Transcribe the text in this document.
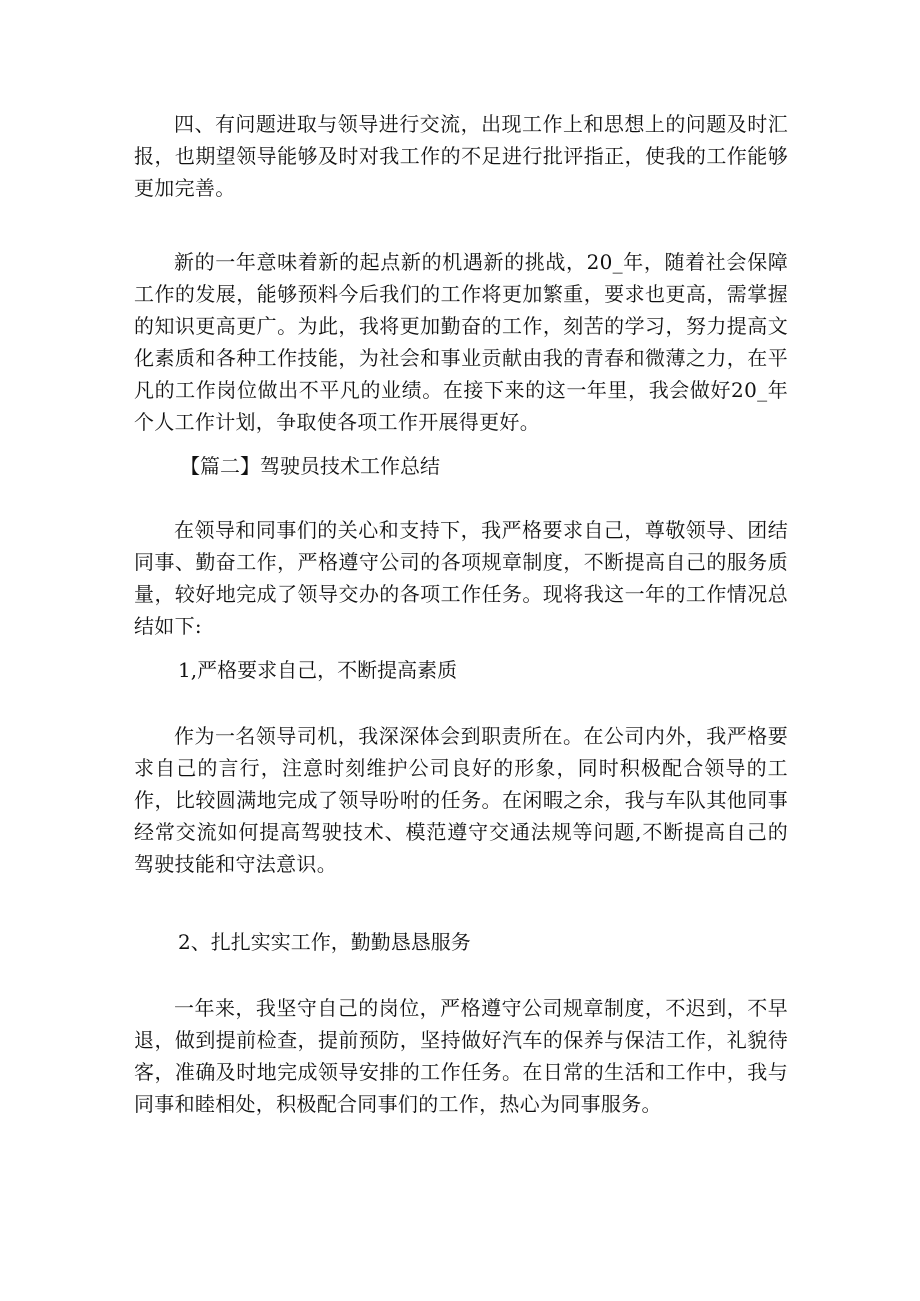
四、有问题进取与领导进行交流，出现工作上和思想上的问题及时汇报，也期望领导能够及时对我工作的不足进行批评指正，使我的工作能够更加完善。

新的一年意味着新的起点新的机遇新的挑战，20_年，随着社会保障工作的发展，能够预料今后我们的工作将更加繁重，要求也更高，需掌握的知识更高更广。为此，我将更加勤奋的工作，刻苦的学习，努力提高文化素质和各种工作技能，为社会和事业贡献由我的青春和微薄之力，在平凡的工作岗位做出不平凡的业绩。在接下来的这一年里，我会做好20_年个人工作计划，争取使各项工作开展得更好。

【篇二】驾驶员技术工作总结

在领导和同事们的关心和支持下，我严格要求自己，尊敬领导、团结同事、勤奋工作，严格遵守公司的各项规章制度，不断提高自己的服务质量，较好地完成了领导交办的各项工作任务。现将我这一年的工作情况总结如下:

1,严格要求自己，不断提高素质

作为一名领导司机，我深深体会到职责所在。在公司内外，我严格要求自己的言行，注意时刻维护公司良好的形象，同时积极配合领导的工作，比较圆满地完成了领导吩咐的任务。在闲暇之余，我与车队其他同事经常交流如何提高驾驶技术、模范遵守交通法规等问题,不断提高自己的驾驶技能和守法意识。

2、扎扎实实工作，勤勤恳恳服务

一年来，我坚守自己的岗位，严格遵守公司规章制度，不迟到，不早退，做到提前检查，提前预防，坚持做好汽车的保养与保洁工作，礼貌待客，准确及时地完成领导安排的工作任务。在日常的生活和工作中，我与同事和睦相处，积极配合同事们的工作，热心为同事服务。
